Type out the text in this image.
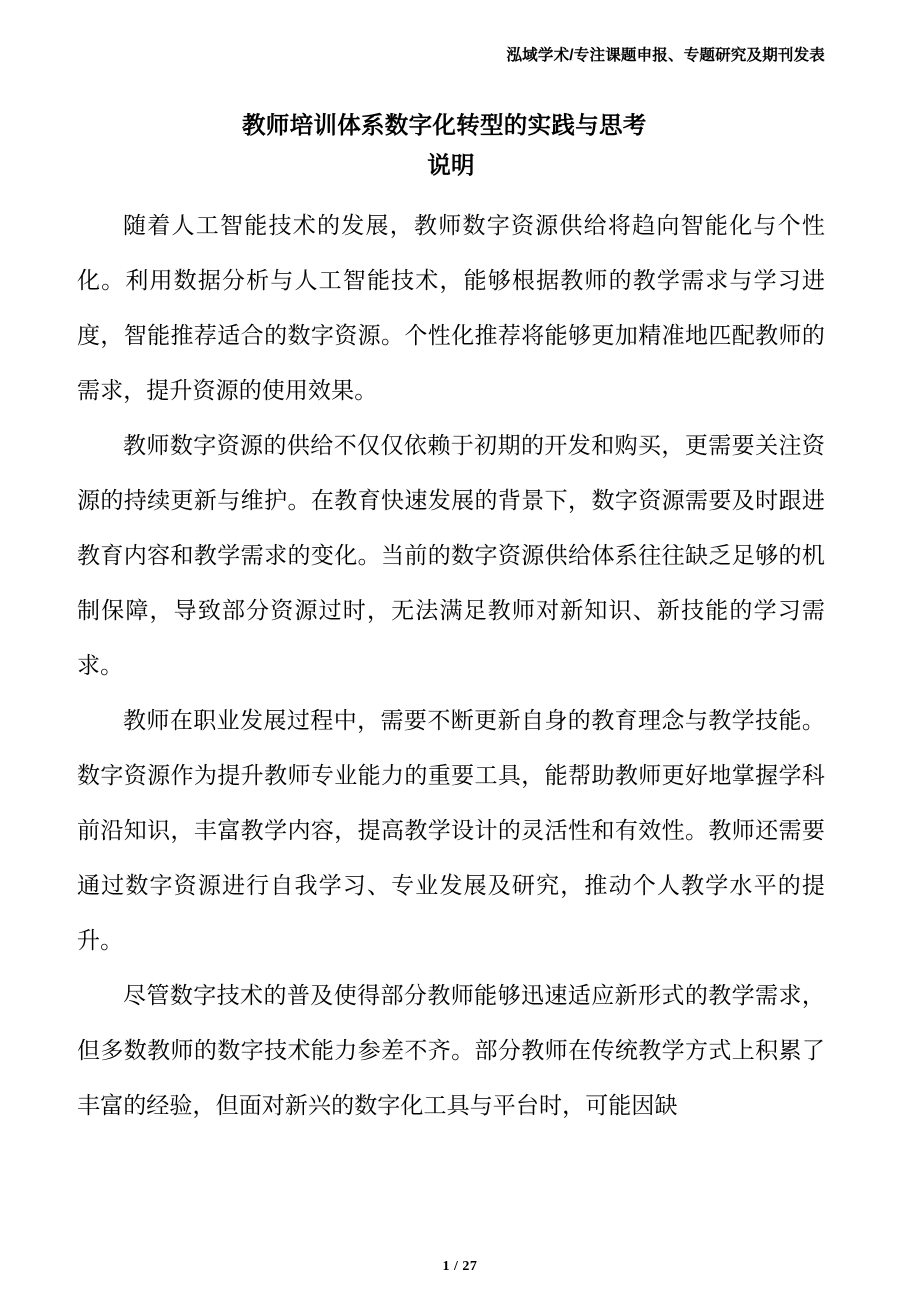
泓域学术/专注课题申报、专题研究及期刊发表
教师培训体系数字化转型的实践与思考
说明

随着人工智能技术的发展，教师数字资源供给将趋向智能化与个性化。利用数据分析与人工智能技术，能够根据教师的教学需求与学习进度，智能推荐适合的数字资源。个性化推荐将能够更加精准地匹配教师的需求，提升资源的使用效果。

教师数字资源的供给不仅仅依赖于初期的开发和购买，更需要关注资源的持续更新与维护。在教育快速发展的背景下，数字资源需要及时跟进教育内容和教学需求的变化。当前的数字资源供给体系往往缺乏足够的机制保障，导致部分资源过时，无法满足教师对新知识、新技能的学习需求。

教师在职业发展过程中，需要不断更新自身的教育理念与教学技能。数字资源作为提升教师专业能力的重要工具，能帮助教师更好地掌握学科前沿知识，丰富教学内容，提高教学设计的灵活性和有效性。教师还需要通过数字资源进行自我学习、专业发展及研究，推动个人教学水平的提升。

尽管数字技术的普及使得部分教师能够迅速适应新形式的教学需求，但多数教师的数字技术能力参差不齐。部分教师在传统教学方式上积累了丰富的经验，但面对新兴的数字化工具与平台时，可能因缺

1 / 27
